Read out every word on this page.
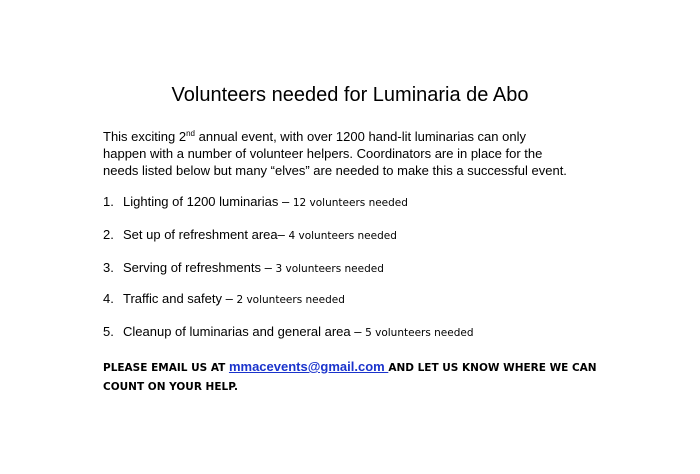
Volunteers needed for Luminaria de Abo
This exciting 2nd annual event, with over 1200 hand-lit luminarias can only
happen with a number of volunteer helpers. Coordinators are in place for the
needs listed below but many “elves” are needed to make this a successful event.
1. Lighting of 1200 luminarias – 12 volunteers needed
2. Set up of refreshment area– 4 volunteers needed
3. Serving of refreshments – 3 volunteers needed
4. Traffic and safety – 2 volunteers needed
5. Cleanup of luminarias and general area – 5 volunteers needed
PLEASE EMAIL US AT mmacevents@gmail.com AND LET US KNOW WHERE WE CAN
COUNT ON YOUR HELP.
